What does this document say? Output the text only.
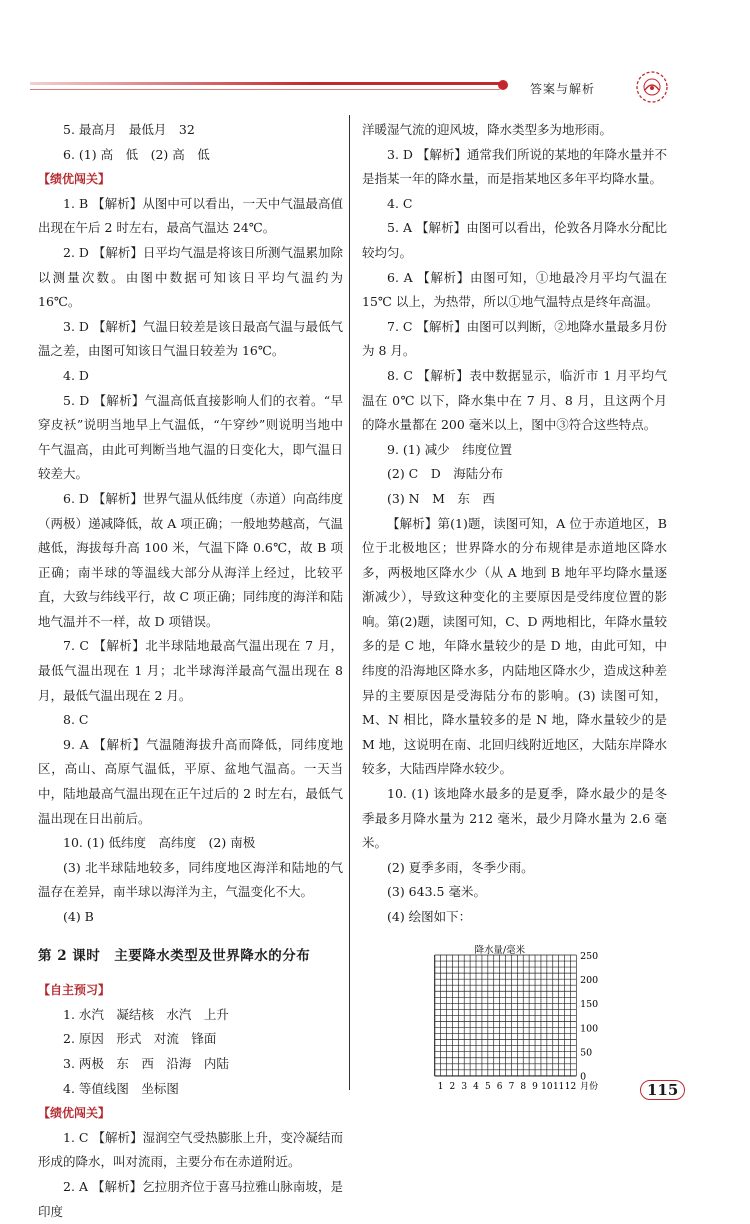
答案与解析

5. 最高月　最低月　32

6. (1) 高　低　(2) 高　低

【绩优闯关】

1. B 【解析】从图中可以看出，一天中气温最高值出现在午后 2 时左右，最高气温达 24℃。

2. D 【解析】日平均气温是将该日所测气温累加除以测量次数。由图中数据可知该日平均气温约为 16℃。

3. D 【解析】气温日较差是该日最高气温与最低气温之差，由图可知该日气温日较差为 16℃。

4. D

5. D 【解析】气温高低直接影响人们的衣着。“早穿皮袄”说明当地早上气温低，“午穿纱”则说明当地中午气温高，由此可判断当地气温的日变化大，即气温日较差大。

6. D 【解析】世界气温从低纬度（赤道）向高纬度（两极）递减降低，故 A 项正确；一般地势越高，气温越低，海拔每升高 100 米，气温下降 0.6℃，故 B 项正确；南半球的等温线大部分从海洋上经过，比较平直，大致与纬线平行，故 C 项正确；同纬度的海洋和陆地气温并不一样，故 D 项错误。

7. C 【解析】北半球陆地最高气温出现在 7 月，最低气温出现在 1 月；北半球海洋最高气温出现在 8 月，最低气温出现在 2 月。

8. C

9. A 【解析】气温随海拔升高而降低，同纬度地区，高山、高原气温低，平原、盆地气温高。一天当中，陆地最高气温出现在正午过后的 2 时左右，最低气温出现在日出前后。

10. (1) 低纬度　高纬度　(2) 南极

(3) 北半球陆地较多，同纬度地区海洋和陆地的气温存在差异，南半球以海洋为主，气温变化不大。

(4) B

第 2 课时　主要降水类型及世界降水的分布

【自主预习】

1. 水汽　凝结核　水汽　上升

2. 原因　形式　对流　锋面

3. 两极　东　西　沿海　内陆

4. 等值线图　坐标图

【绩优闯关】

1. C 【解析】湿润空气受热膨胀上升，变冷凝结而形成的降水，叫对流雨，主要分布在赤道附近。

2. A 【解析】乞拉朋齐位于喜马拉雅山脉南坡，是印度

洋暖湿气流的迎风坡，降水类型多为地形雨。

3. D 【解析】通常我们所说的某地的年降水量并不是指某一年的降水量，而是指某地区多年平均降水量。

4. C

5. A 【解析】由图可以看出，伦敦各月降水分配比较均匀。

6. A 【解析】由图可知，①地最冷月平均气温在 15℃ 以上，为热带，所以①地气温特点是终年高温。

7. C 【解析】由图可以判断，②地降水量最多月份为 8 月。

8. C 【解析】表中数据显示，临沂市 1 月平均气温在 0℃ 以下，降水集中在 7 月、8 月，且这两个月的降水量都在 200 毫米以上，图中③符合这些特点。

9. (1) 减少　纬度位置

(2) C　D　海陆分布

(3) N　M　东　西

【解析】第(1)题，读图可知，A 位于赤道地区，B 位于北极地区；世界降水的分布规律是赤道地区降水多，两极地区降水少（从 A 地到 B 地年平均降水量逐渐减少），导致这种变化的主要原因是受纬度位置的影响。第(2)题，读图可知，C、D 两地相比，年降水量较多的是 C 地，年降水量较少的是 D 地，由此可知，中纬度的沿海地区降水多，内陆地区降水少，造成这种差异的主要原因是受海陆分布的影响。(3) 读图可知，M、N 相比，降水量较多的是 N 地，降水量较少的是 M 地，这说明在南、北回归线附近地区，大陆东岸降水较多，大陆西岸降水较少。

10. (1) 该地降水最多的是夏季，降水最少的是冬季最多月降水量为 212 毫米，最少月降水量为 2.6 毫米。

(2) 夏季多雨，冬季少雨。

(3) 643.5 毫米。

(4) 绘图如下：

降水量/毫米
0
50
100
150
200
250
1 2 3 4 5 6 7 8 9 10 11 12 月份	115
